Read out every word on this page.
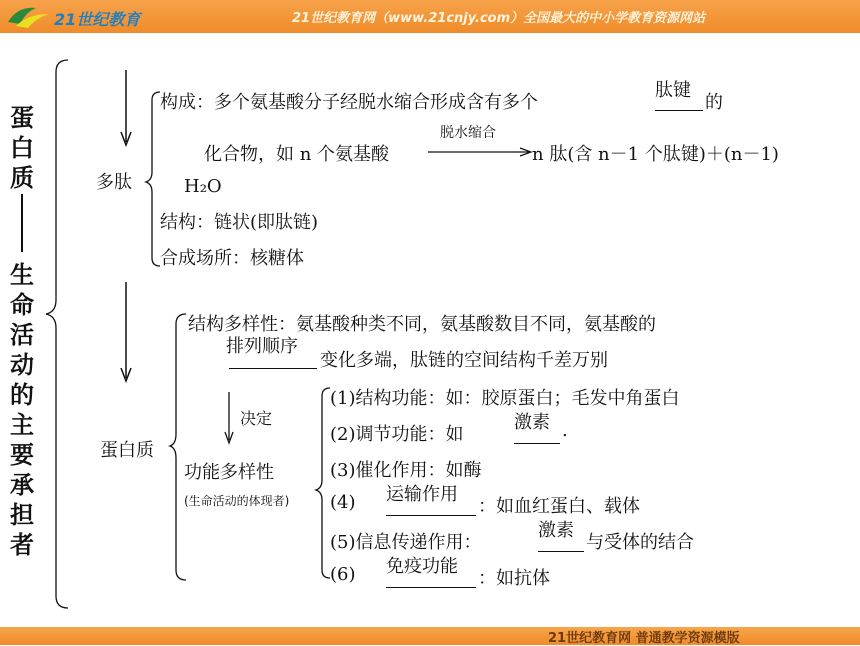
21世纪教育	21世纪教育网（www.21cnjy.com）全国最大的中小学教育资源网站
蛋
白
质
生
命
活
动
的
主
要
承
担
者
多肽
构成：多个氨基酸分子经脱水缩合形成含有多个
肽键
的
化合物，如 n 个氨基酸
脱水缩合
n 肽(含 n－1 个肽键)＋(n－1)
H₂O
结构：链状(即肽链)
合成场所：核糖体
蛋白质
结构多样性：氨基酸种类不同，氨基酸数目不同，氨基酸的
排列顺序
变化多端，肽链的空间结构千差万别
决定
功能多样性
(生命活动的体现者)
(1)结构功能：如：胶原蛋白；毛发中角蛋白
(2)调节功能：如
激素 .
(3)催化作用：如酶
(4) 运输作用
：如血红蛋白、载体
(5)信息传递作用：
激素
与受体的结合
(6) 免疫功能
：如抗体
21世纪教育网 普通教学资源模版
